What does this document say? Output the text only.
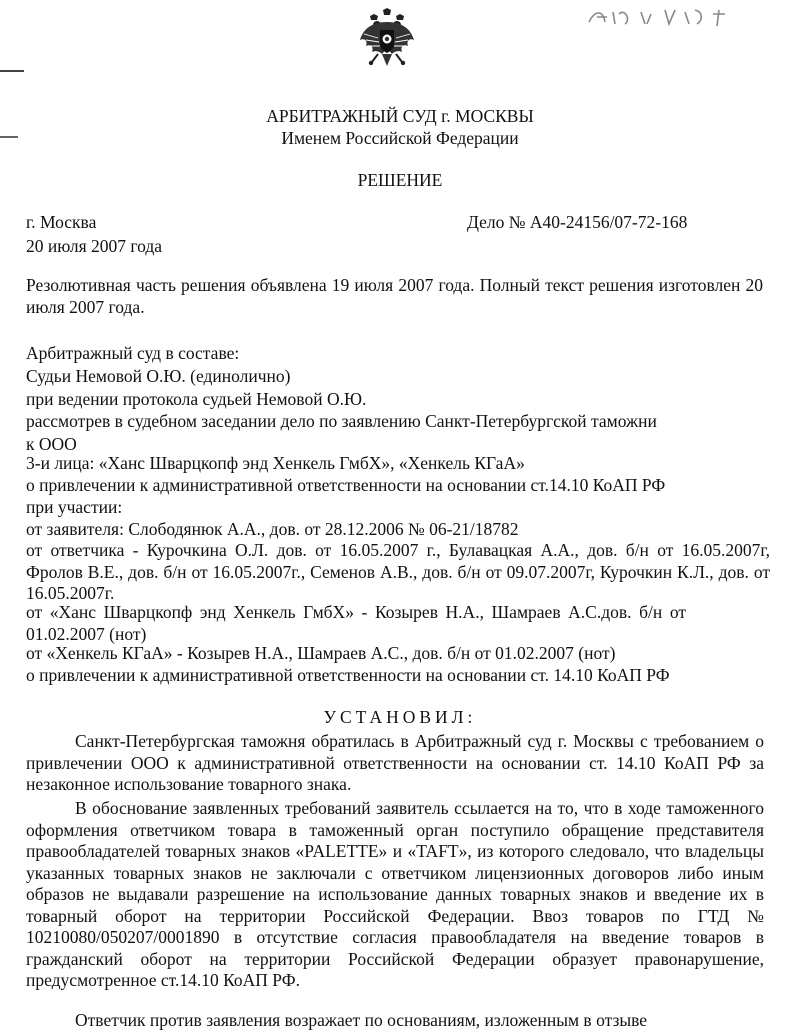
АРБИТРАЖНЫЙ СУД г. МОСКВЫ
Именем Российской Федерации
РЕШЕНИЕ
г. Москва	Дело № А40-24156/07-72-168
20 июля 2007 года
Резолютивная часть решения объявлена 19 июля 2007 года. Полный текст решения изготовлен 20 июля 2007 года.
Арбитражный суд в составе:
Судьи Немовой О.Ю. (единолично)
при ведении протокола судьей Немовой О.Ю.
рассмотрев в судебном заседании дело по заявлению Санкт-Петербургской таможни
к ООО
3-и лица: «Ханс Шварцкопф энд Хенкель ГмбХ», «Хенкель КГаА»
о привлечении к административной ответственности на основании ст.14.10 КоАП РФ
при участии:
от заявителя: Слободянюк А.А., дов. от 28.12.2006 № 06-21/18782
от ответчика - Курочкина О.Л. дов. от 16.05.2007 г., Булавацкая А.А., дов. б/н от 16.05.2007г, Фролов В.Е., дов. б/н от 16.05.2007г., Семенов А.В., дов. б/н от 09.07.2007г, Курочкин К.Л., дов. от 16.05.2007г.
от «Ханс Шварцкопф энд Хенкель ГмбХ» - Козырев Н.А., Шамраев А.С.дов. б/н от 01.02.2007 (нот)
от «Хенкель КГаА» - Козырев Н.А., Шамраев А.С., дов. б/н от 01.02.2007 (нот)
о привлечении к административной ответственности на основании ст. 14.10 КоАП РФ
УСТАНОВИЛ:
Санкт-Петербургская таможня обратилась в Арбитражный суд г. Москвы с требованием о привлечении ООО к административной ответственности на основании ст. 14.10 КоАП РФ за незаконное использование товарного знака.
В обоснование заявленных требований заявитель ссылается на то, что в ходе таможенного оформления ответчиком товара в таможенный орган поступило обращение представителя правообладателей товарных знаков «PALETTE» и «TAFT», из которого следовало, что владельцы указанных товарных знаков не заключали с ответчиком лицензионных договоров либо иным образов не выдавали разрешение на использование данных товарных знаков и введение их в товарный оборот на территории Российской Федерации. Ввоз товаров по ГТД № 10210080/050207/0001890 в отсутствие согласия правообладателя на введение товаров в гражданский оборот на территории Российской Федерации образует правонарушение, предусмотренное ст.14.10 КоАП РФ.
Ответчик против заявления возражает по основаниям, изложенным в отзыве
